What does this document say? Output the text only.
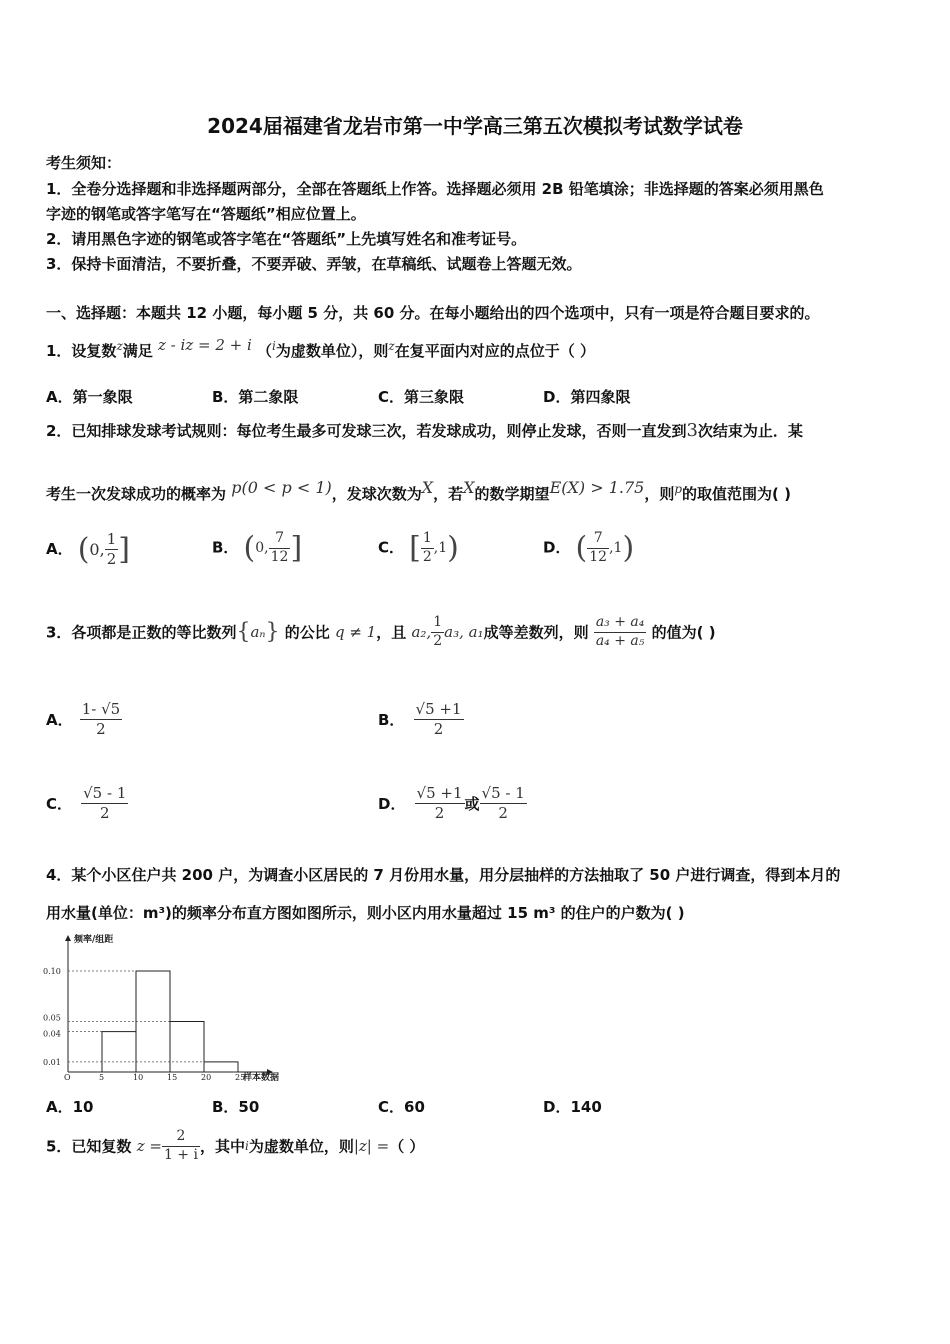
2024届福建省龙岩市第一中学高三第五次模拟考试数学试卷
考生须知：
1．全卷分选择题和非选择题两部分，全部在答题纸上作答。选择题必须用 2B 铅笔填涂；非选择题的答案必须用黑色
字迹的钢笔或答字笔写在“答题纸”相应位置上。
2．请用黑色字迹的钢笔或答字笔在“答题纸”上先填写姓名和准考证号。
3．保持卡面清洁，不要折叠，不要弄破、弄皱，在草稿纸、试题卷上答题无效。
一、选择题：本题共 12 小题，每小题 5 分，共 60 分。在每小题给出的四个选项中，只有一项是符合题目要求的。
1．设复数$^z$满足 $^{z - iz = 2 + i}$ （$^i$为虚数单位），则$^z$在复平面内对应的点位于（ ）
A．第一象限	B．第二象限	C．第三象限	D．第四象限
2．已知排球发球考试规则：每位考生最多可发球三次，若发球成功，则停止发球，否则一直发到3次结束为止．某
考生一次发球成功的概率为 $^{p(0 < p < 1)}$，发球次数为$^X$，若$^X$的数学期望$^{E(X) > 1.75}$，则$^p$的取值范围为( )
A． (0, $\frac{1}{2}$ ]	B． (0, $\frac{7}{12}$ ]	C． [ $\frac{1}{2} ,1$)	D． ( $\frac{7}{12} ,1$)
3．各项都是正数的等比数列{aₙ} 的公比 q ≠ 1，且 a₂, $\frac{1}{2} a_3$, a₁成等差数列，则 $\frac{\text{a₃ + a₄}}{\text{a₄ + a₅}}$ 的值为( )
A． $\frac{1- √5}{2}$	B． $\frac{√5 +1}{2}$
C． $\frac{√5 - 1}{2}$	D． $\frac{√5 +1}{2}$ 或 $\frac{√5 - 1}{2}$
4．某个小区住户共 200 户，为调查小区居民的 7 月份用水量，用分层抽样的方法抽取了 50 户进行调查，得到本月的
用水量(单位：m³)的频率分布直方图如图所示，则小区内用水量超过 15 m³ 的住户的户数为( )
0.10
0.05
0.04
0.01
O	5	10	15	20	25
频率/组距
样本数据
A．10	B．50	C．60	D．140
5．已知复数 $z = \frac{2}{1 + i}$ ，其中i为虚数单位，则|z| =（ ）
